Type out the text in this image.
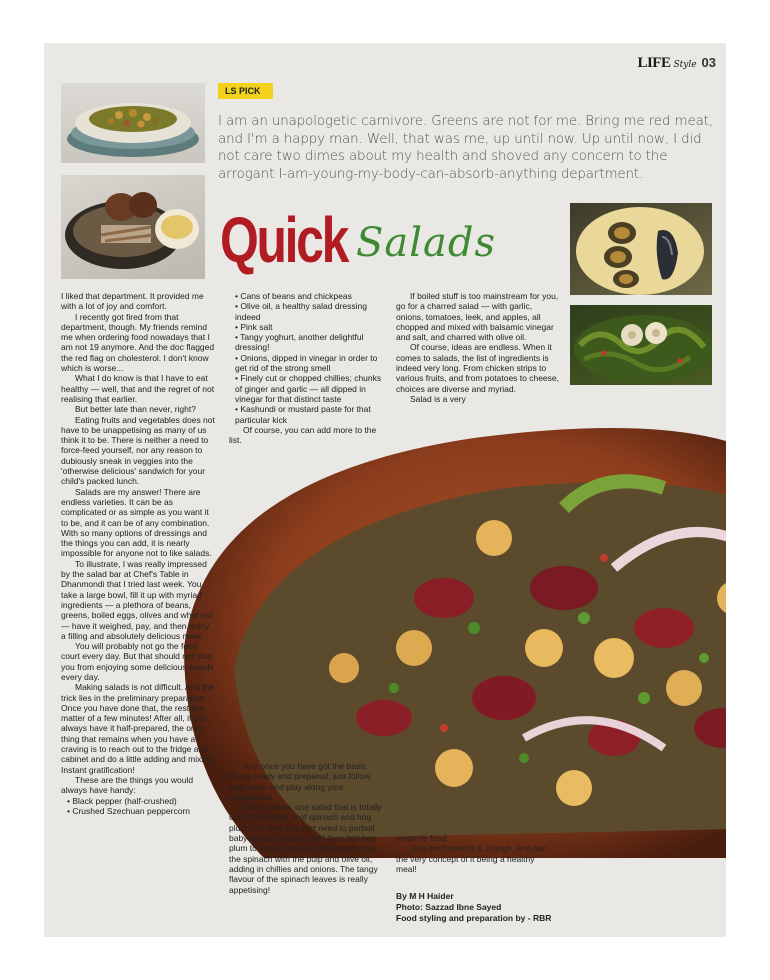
LIFE Style 03
LS PICK
I am an unapologetic carnivore. Greens are not for me. Bring me red meat, and I'm a happy man. Well, that was me, up until now. Up until now, I did not care two dimes about my health and shoved any concern to the arrogant I-am-young-my-body-can-absorb-anything department.
Quick Salads

I liked that department. It provided me with a lot of joy and comfort.

I recently got fired from that department, though. My friends remind me when ordering food nowadays that I am not 19 anymore. And the doc flagged the red flag on cholesterol. I don't know which is worse...

What I do know is that I have to eat healthy — well, that and the regret of not realising that earlier.

But better late than never, right?

Eating fruits and vegetables does not have to be unappetising as many of us think it to be. There is neither a need to force-feed yourself, nor any reason to dubiously sneak in veggies into the 'otherwise delicious' sandwich for your child's packed lunch.

Salads are my answer! There are endless varieties. It can be as complicated or as simple as you want it to be, and it can be of any combination. With so many options of dressings and the things you can add, it is nearly impossible for anyone not to like salads.

To illustrate, I was really impressed by the salad bar at Chef's Table in Dhanmondi that I tried last week. You take a large bowl, fill it up with myriad ingredients — a plethora of beans, greens, boiled eggs, olives and what not — have it weighed, pay, and then enjoy a filling and absolutely delicious meal.

You will probably not go the food court every day. But that should not stop you from enjoying some delicious salads every day.

Making salads is not difficult. And the trick lies in the preliminary preparation. Once you have done that, the rest is a matter of a few minutes! After all, if you always have it half-prepared, the only thing that remains when you have a craving is to reach out to the fridge and cabinet and do a little adding and mixing. Instant gratification!

These are the things you would always have handy:

• Black pepper (half-crushed)

• Crushed Szechuan peppercorn

• Cans of beans and chickpeas

• Olive oil, a healthy salad dressing indeed

• Pink salt

• Tangy yoghurt, another delightful dressing!

• Onions, dipped in vinegar in order to get rid of the strong smell

• Finely cut or chopped chillies; chunks of ginger and garlic — all dipped in vinegar for that distinct taste

• Kashundi or mustard paste for that particular kick

Of course, you can add more to the list.

If boiled stuff is too mainstream for you, go for a charred salad — with garlic, onions, tomatoes, leek, and apples, all chopped and mixed with balsamic vinegar and salt, and charred with olive oil.

Of course, ideas are endless. When it comes to salads, the list of ingredients is indeed very long. From chicken strips to various fruits, and from potatoes to cheese, choices are diverse and myriad.

Salad is a very

And once you have got the basic things ready and prepared, just follow your heart and play along your imagination.

For example, one salad that is totally out of this world is of spinach and hog plum. For that, you first need to parboil baby spinach leaves, and then boil hog plum to extract its pulp. Afterwards, mix the spinach with the pulp and olive oil, adding in chillies and onions. The tangy flavour of the spinach leaves is really appetising!

versatile food.

Just don't overdo it, though, and ruin the very concept of it being a healthy meal!

By M H Haider
Photo: Sazzad Ibne Sayed
Food styling and preparation by - RBR
